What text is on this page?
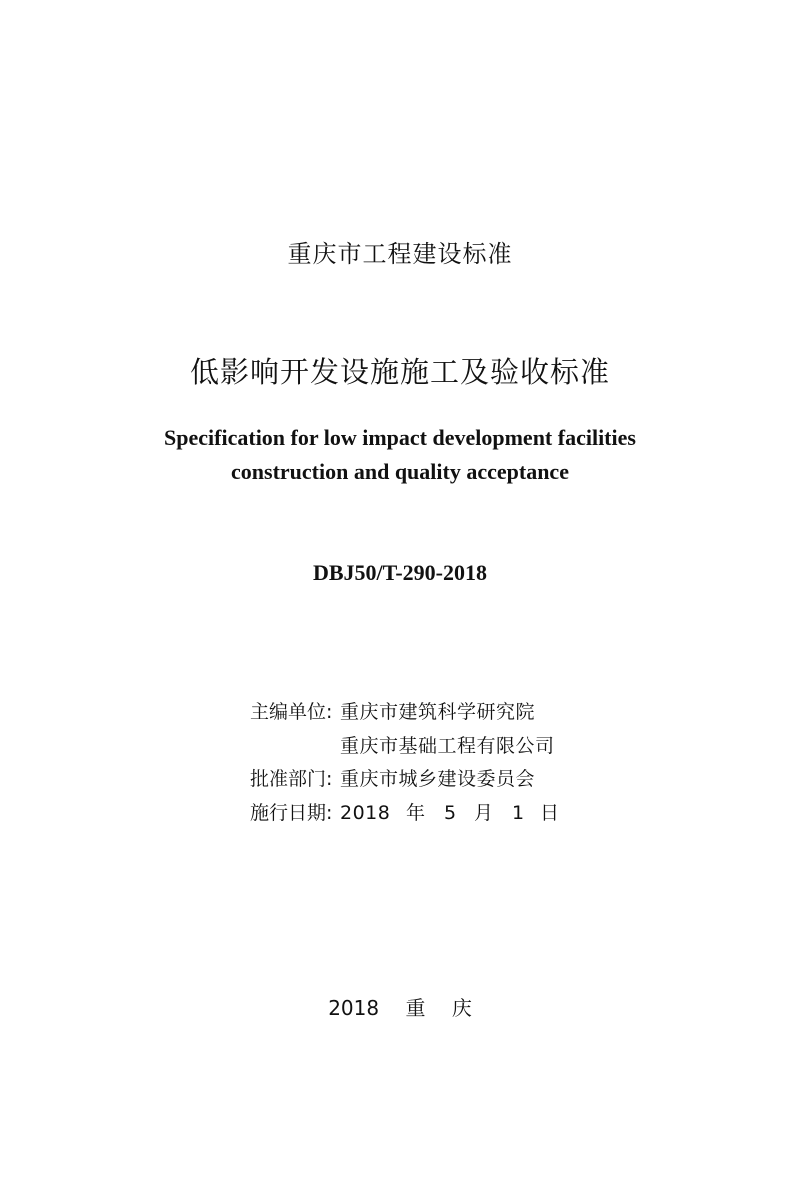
重庆市工程建设标准
低影响开发设施施工及验收标准
Specification for low impact development facilities
construction and quality acceptance
DBJ50/T-290-2018
主编单位: 重庆市建筑科学研究院
重庆市基础工程有限公司
批准部门: 重庆市城乡建设委员会
施行日期: 2018 年 5 月 1 日
2018 重 庆
